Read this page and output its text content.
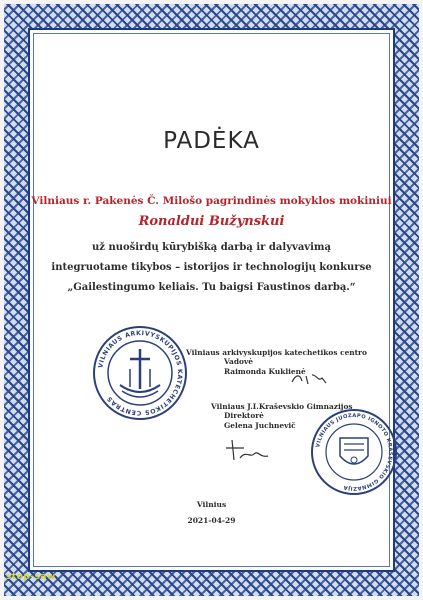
PADĖKA
Vilniaus r. Pakenės Č. Milošo pagrindinės mokyklos mokiniui
Ronaldui Bužynskui
už nuoširdų kūrybišką darbą ir dalyvavimą
integruotame tikybos – istorijos ir technologijų konkurse
„Gailestingumo keliais. Tu baigsi Faustinos darbą.“
VILNIAUS ARKIVYSKUPIJOS KATECHETIKOS CENTRAS
Vilniaus arkivyskupijos katechetikos centro
Vadovė
Raimonda Kuklienė
Vilniaus J.I.Kraševskio Gimnazijos
Direktorė
Gelena Juchnevič
VILNIAUS JUOZAPO IGNOTO KRAŠEVSKIO GIMNAZIJA
Vilnius
2021-04-29
stop-saw
